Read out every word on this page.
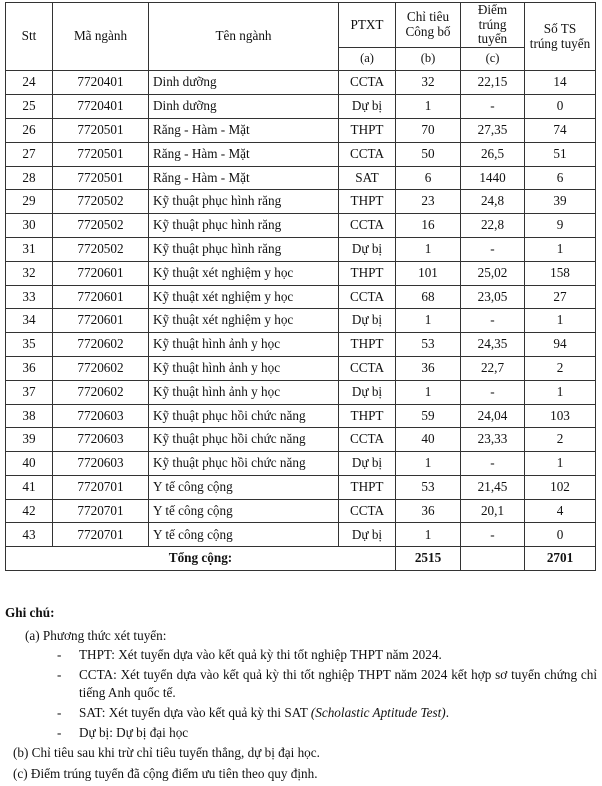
Stt	Mã ngành	Tên ngành	PTXT	Chỉ tiêu Công bố	Điểm trúng tuyển	Số TS trúng tuyển
			(a)	(b)	(c)	
24	7720401	Dinh dưỡng	CCTA	32	22,15	14
25	7720401	Dinh dưỡng	Dự bị	1	-	0
26	7720501	Răng - Hàm - Mặt	THPT	70	27,35	74
27	7720501	Răng - Hàm - Mặt	CCTA	50	26,5	51
28	7720501	Răng - Hàm - Mặt	SAT	6	1440	6
29	7720502	Kỹ thuật phục hình răng	THPT	23	24,8	39
30	7720502	Kỹ thuật phục hình răng	CCTA	16	22,8	9
31	7720502	Kỹ thuật phục hình răng	Dự bị	1	-	1
32	7720601	Kỹ thuật xét nghiệm y học	THPT	101	25,02	158
33	7720601	Kỹ thuật xét nghiệm y học	CCTA	68	23,05	27
34	7720601	Kỹ thuật xét nghiệm y học	Dự bị	1	-	1
35	7720602	Kỹ thuật hình ảnh y học	THPT	53	24,35	94
36	7720602	Kỹ thuật hình ảnh y học	CCTA	36	22,7	2
37	7720602	Kỹ thuật hình ảnh y học	Dự bị	1	-	1
38	7720603	Kỹ thuật phục hồi chức năng	THPT	59	24,04	103
39	7720603	Kỹ thuật phục hồi chức năng	CCTA	40	23,33	2
40	7720603	Kỹ thuật phục hồi chức năng	Dự bị	1	-	1
41	7720701	Y tế công cộng	THPT	53	21,45	102
42	7720701	Y tế công cộng	CCTA	36	20,1	4
43	7720701	Y tế công cộng	Dự bị	1	-	0
Tổng cộng:				2515		2701
Ghi chú:
(a) Phương thức xét tuyển:
- THPT: Xét tuyển dựa vào kết quả kỳ thi tốt nghiệp THPT năm 2024.
- CCTA: Xét tuyển dựa vào kết quả kỳ thi tốt nghiệp THPT năm 2024 kết hợp sơ tuyển chứng chỉ tiếng Anh quốc tế.
- SAT: Xét tuyển dựa vào kết quả kỳ thi SAT (Scholastic Aptitude Test).
- Dự bị: Dự bị đại học
(b) Chỉ tiêu sau khi trừ chỉ tiêu tuyển thẳng, dự bị đại học.
(c) Điểm trúng tuyển đã cộng điểm ưu tiên theo quy định.
